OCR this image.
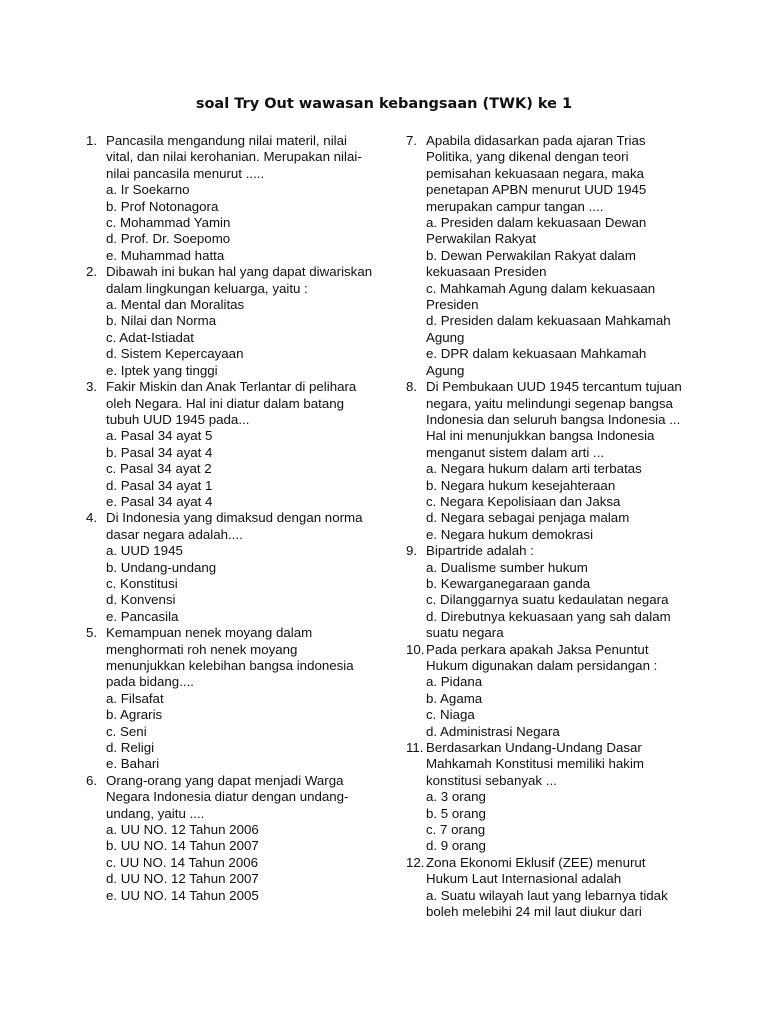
soal Try Out wawasan kebangsaan (TWK) ke 1
1. Pancasila mengandung nilai materil, nilai vital, dan nilai kerohanian. Merupakan nilai-nilai pancasila menurut .....
a. Ir Soekarno
b. Prof Notonagora
c. Mohammad Yamin
d. Prof. Dr. Soepomo
e. Muhammad hatta
2. Dibawah ini bukan hal yang dapat diwariskan dalam lingkungan keluarga, yaitu :
a. Mental dan Moralitas
b. Nilai dan Norma
c. Adat-Istiadat
d. Sistem Kepercayaan
e. Iptek yang tinggi
3. Fakir Miskin dan Anak Terlantar di pelihara oleh Negara. Hal ini diatur dalam batang tubuh UUD 1945 pada...
a. Pasal 34 ayat 5
b. Pasal 34 ayat 4
c. Pasal 34 ayat 2
d. Pasal 34 ayat 1
e. Pasal 34 ayat 4
4. Di Indonesia yang dimaksud dengan norma dasar negara adalah....
a. UUD 1945
b. Undang-undang
c. Konstitusi
d. Konvensi
e. Pancasila
5. Kemampuan nenek moyang dalam menghormati roh nenek moyang menunjukkan kelebihan bangsa indonesia pada bidang....
a. Filsafat
b. Agraris
c. Seni
d. Religi
e. Bahari
6. Orang-orang yang dapat menjadi Warga Negara Indonesia diatur dengan undang-undang, yaitu ....
a. UU NO. 12 Tahun 2006
b. UU NO. 14 Tahun 2007
c. UU NO. 14 Tahun 2006
d. UU NO. 12 Tahun 2007
e. UU NO. 14 Tahun 2005
7. Apabila didasarkan pada ajaran Trias Politika, yang dikenal dengan teori pemisahan kekuasaan negara, maka penetapan APBN menurut UUD 1945 merupakan campur tangan ....
a. Presiden dalam kekuasaan Dewan Perwakilan Rakyat
b. Dewan Perwakilan Rakyat dalam kekuasaan Presiden
c. Mahkamah Agung dalam kekuasaan Presiden
d. Presiden dalam kekuasaan Mahkamah Agung
e. DPR dalam kekuasaan Mahkamah Agung
8. Di Pembukaan UUD 1945 tercantum tujuan negara, yaitu melindungi segenap bangsa Indonesia dan seluruh bangsa Indonesia ... Hal ini menunjukkan bangsa Indonesia menganut sistem dalam arti ...
a. Negara hukum dalam arti terbatas
b. Negara hukum kesejahteraan
c. Negara Kepolisiaan dan Jaksa
d. Negara sebagai penjaga malam
e. Negara hukum demokrasi
9. Bipartride adalah :
a. Dualisme sumber hukum
b. Kewarganegaraan ganda
c. Dilanggarnya suatu kedaulatan negara
d. Direbutnya kekuasaan yang sah dalam suatu negara
10. Pada perkara apakah Jaksa Penuntut Hukum digunakan dalam persidangan :
a. Pidana
b. Agama
c. Niaga
d. Administrasi Negara
11. Berdasarkan Undang-Undang Dasar Mahkamah Konstitusi memiliki hakim konstitusi sebanyak ...
a. 3 orang
b. 5 orang
c. 7 orang
d. 9 orang
12. Zona Ekonomi Eklusif (ZEE) menurut Hukum Laut Internasional adalah
a. Suatu wilayah laut yang lebarnya tidak boleh melebihi 24 mil laut diukur dari
